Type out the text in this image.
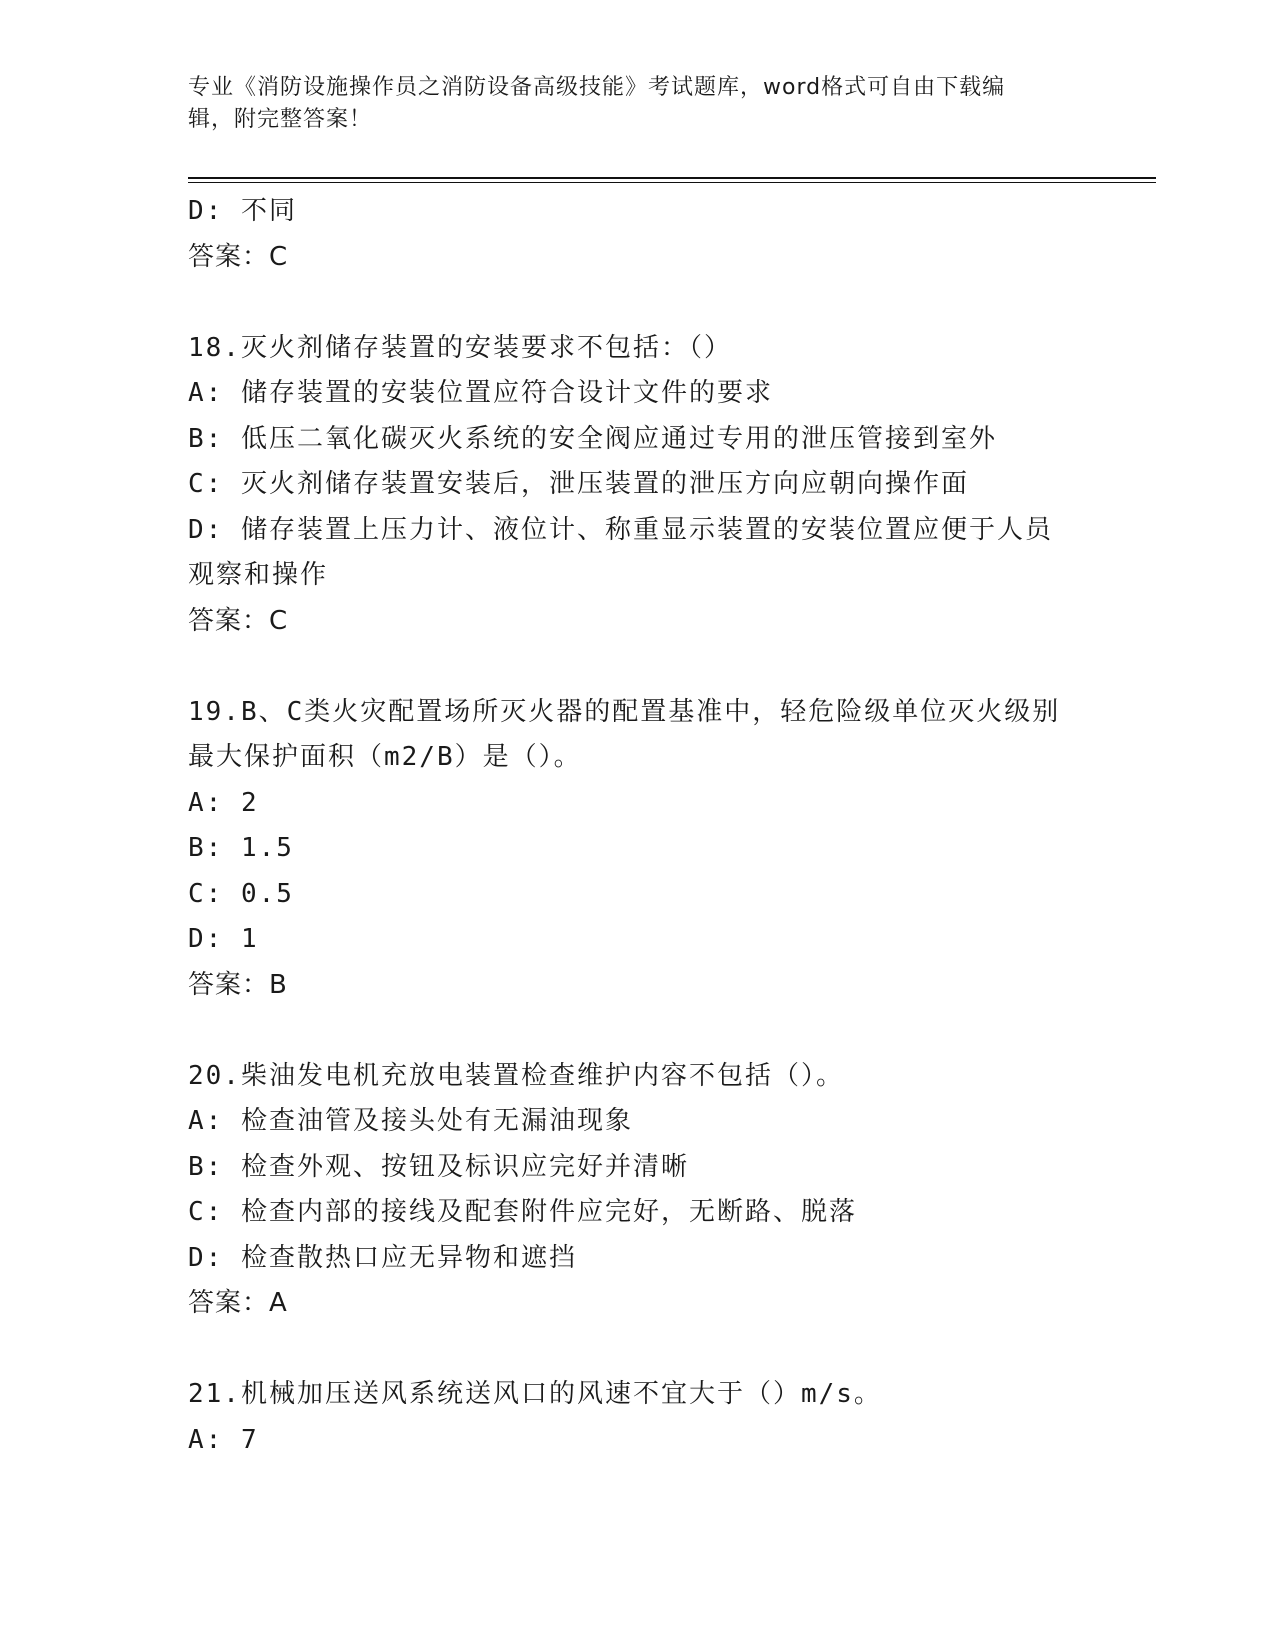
专业《消防设施操作员之消防设备高级技能》考试题库，word格式可自由下载编
辑，附完整答案！

D: 不同

答案：C

18.灭火剂储存装置的安装要求不包括：（）

A: 储存装置的安装位置应符合设计文件的要求

B: 低压二氧化碳灭火系统的安全阀应通过专用的泄压管接到室外

C: 灭火剂储存装置安装后，泄压装置的泄压方向应朝向操作面

D: 储存装置上压力计、液位计、称重显示装置的安装位置应便于人员

观察和操作

答案：C

19.B、C类火灾配置场所灭火器的配置基准中，轻危险级单位灭火级别

最大保护面积（m2/B）是（）。

A: 2

B: 1.5

C: 0.5

D: 1

答案：B

20.柴油发电机充放电装置检查维护内容不包括（）。

A: 检查油管及接头处有无漏油现象

B: 检查外观、按钮及标识应完好并清晰

C: 检查内部的接线及配套附件应完好，无断路、脱落

D: 检查散热口应无异物和遮挡

答案：A

21.机械加压送风系统送风口的风速不宜大于（）m/s。

A: 7
